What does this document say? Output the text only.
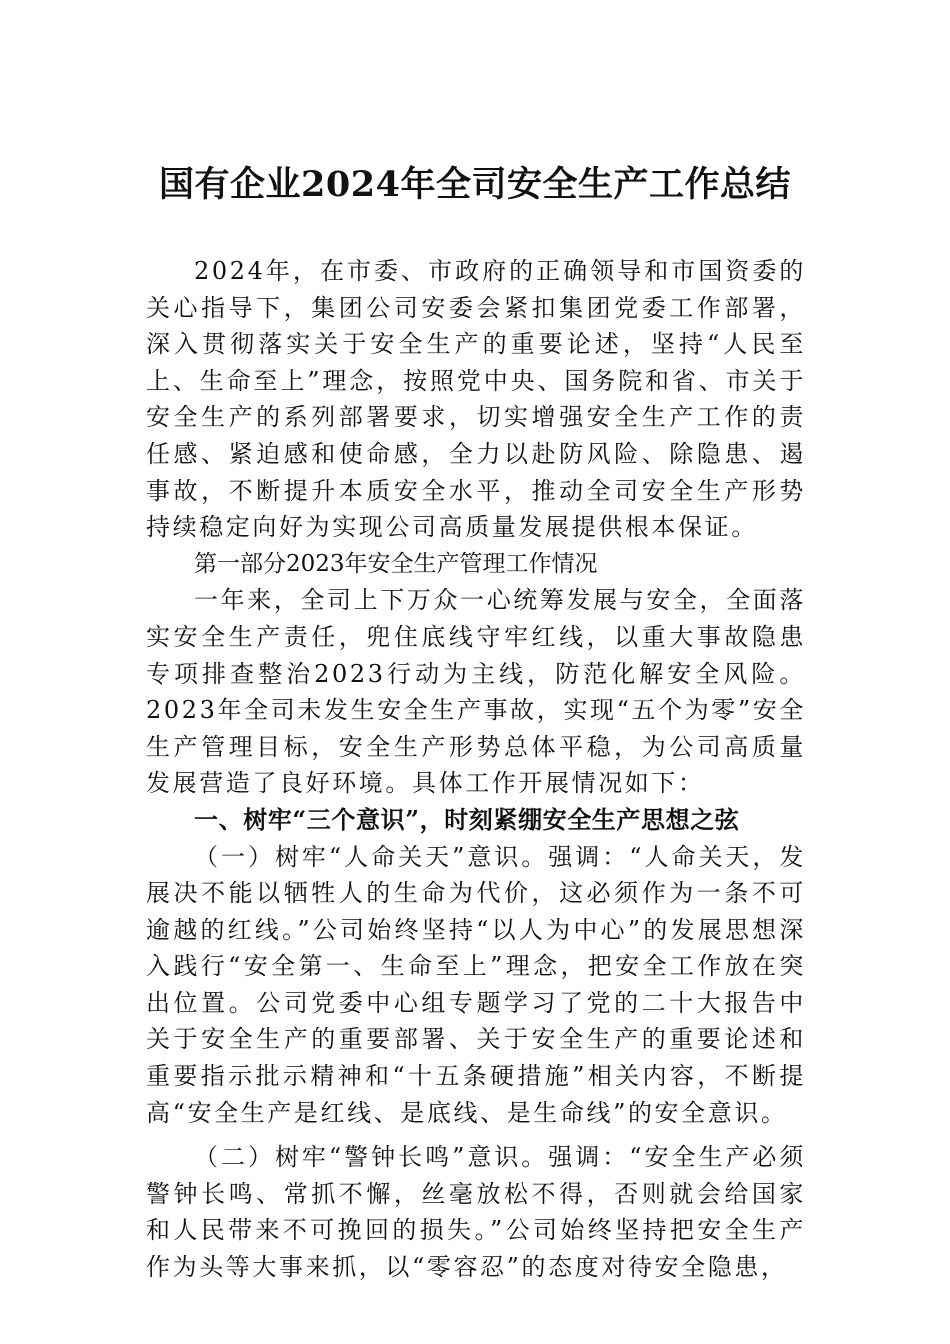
国有企业2024年全司安全生产工作总结

2024年，在市委、市政府的正确领导和市国资委的关心指导下，集团公司安委会紧扣集团党委工作部署，深入贯彻落实关于安全生产的重要论述，坚持“人民至上、生命至上”理念，按照党中央、国务院和省、市关于安全生产的系列部署要求，切实增强安全生产工作的责任感、紧迫感和使命感，全力以赴防风险、除隐患、遏事故，不断提升本质安全水平，推动全司安全生产形势持续稳定向好为实现公司高质量发展提供根本保证。

第一部分2023年安全生产管理工作情况

一年来，全司上下万众一心统筹发展与安全，全面落实安全生产责任，兜住底线守牢红线，以重大事故隐患专项排查整治2023行动为主线，防范化解安全风险。2023年全司未发生安全生产事故，实现“五个为零”安全生产管理目标，安全生产形势总体平稳，为公司高质量发展营造了良好环境。具体工作开展情况如下：

一、树牢“三个意识”，时刻紧绷安全生产思想之弦

（一）树牢“人命关天”意识。强调：“人命关天，发展决不能以牺牲人的生命为代价，这必须作为一条不可逾越的红线。”公司始终坚持“以人为中心”的发展思想深入践行“安全第一、生命至上”理念，把安全工作放在突出位置。公司党委中心组专题学习了党的二十大报告中关于安全生产的重要部署、关于安全生产的重要论述和重要指示批示精神和“十五条硬措施”相关内容，不断提高“安全生产是红线、是底线、是生命线”的安全意识。

（二）树牢“警钟长鸣”意识。强调：“安全生产必须警钟长鸣、常抓不懈，丝毫放松不得，否则就会给国家和人民带来不可挽回的损失。”公司始终坚持把安全生产作为头等大事来抓，以“零容忍”的态度对待安全隐患，
